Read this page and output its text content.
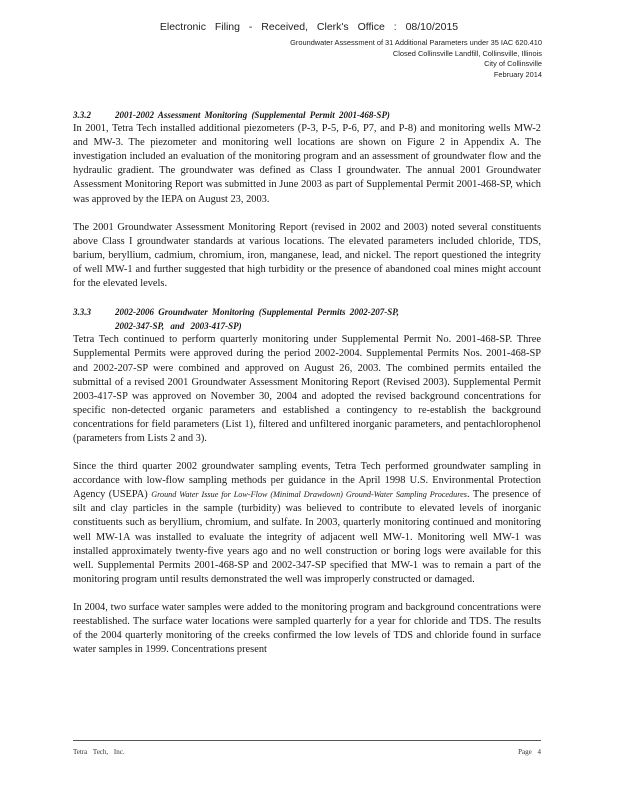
Electronic Filing - Received, Clerk's Office : 08/10/2015
Groundwater Assessment of 31 Additional Parameters under 35 IAC 620.410
Closed Collinsville Landfill, Collinsville, Illinois
City of Collinsville
February 2014
3.3.2	2001-2002 Assessment Monitoring (Supplemental Permit 2001-468-SP)

In 2001, Tetra Tech installed additional piezometers (P-3, P-5, P-6, P7, and P-8) and monitoring wells MW-2 and MW-3. The piezometer and monitoring well locations are shown on Figure 2 in Appendix A. The investigation included an evaluation of the monitoring program and an assessment of groundwater flow and the hydraulic gradient. The groundwater was defined as Class I groundwater. The annual 2001 Groundwater Assessment Monitoring Report was submitted in June 2003 as part of Supplemental Permit 2001-468-SP, which was approved by the IEPA on August 23, 2003.

The 2001 Groundwater Assessment Monitoring Report (revised in 2002 and 2003) noted several constituents above Class I groundwater standards at various locations. The elevated parameters included chloride, TDS, barium, beryllium, cadmium, chromium, iron, manganese, lead, and nickel. The report questioned the integrity of well MW-1 and further suggested that high turbidity or the presence of abandoned coal mines might account for the elevated levels.

3.3.3	2002-2006 Groundwater Monitoring (Supplemental Permits 2002-207-SP,
2002-347-SP, and 2003-417-SP)

Tetra Tech continued to perform quarterly monitoring under Supplemental Permit No. 2001-468-SP. Three Supplemental Permits were approved during the period 2002-2004. Supplemental Permits Nos. 2001-468-SP and 2002-207-SP were combined and approved on August 26, 2003. The combined permits entailed the submittal of a revised 2001 Groundwater Assessment Monitoring Report (Revised 2003). Supplemental Permit 2003-417-SP was approved on November 30, 2004 and adopted the revised background concentrations for specific non-detected organic parameters and established a contingency to re-establish the background concentrations for field parameters (List 1), filtered and unfiltered inorganic parameters, and pentachlorophenol (parameters from Lists 2 and 3).

Since the third quarter 2002 groundwater sampling events, Tetra Tech performed groundwater sampling in accordance with low-flow sampling methods per guidance in the April 1998 U.S. Environmental Protection Agency (USEPA) Ground Water Issue for Low-Flow (Minimal Drawdown) Ground-Water Sampling Procedures. The presence of silt and clay particles in the sample (turbidity) was believed to contribute to elevated levels of inorganic constituents such as beryllium, chromium, and sulfate. In 2003, quarterly monitoring continued and monitoring well MW-1A was installed to evaluate the integrity of adjacent well MW-1. Monitoring well MW-1 was installed approximately twenty-five years ago and no well construction or boring logs were available for this well. Supplemental Permits 2001-468-SP and 2002-347-SP specified that MW-1 was to remain a part of the monitoring program until results demonstrated the well was improperly constructed or damaged.

In 2004, two surface water samples were added to the monitoring program and background concentrations were reestablished. The surface water locations were sampled quarterly for a year for chloride and TDS. The results of the 2004 quarterly monitoring of the creeks confirmed the low levels of TDS and chloride found in surface water samples in 1999. Concentrations present

Tetra Tech, Inc.	Page 4
